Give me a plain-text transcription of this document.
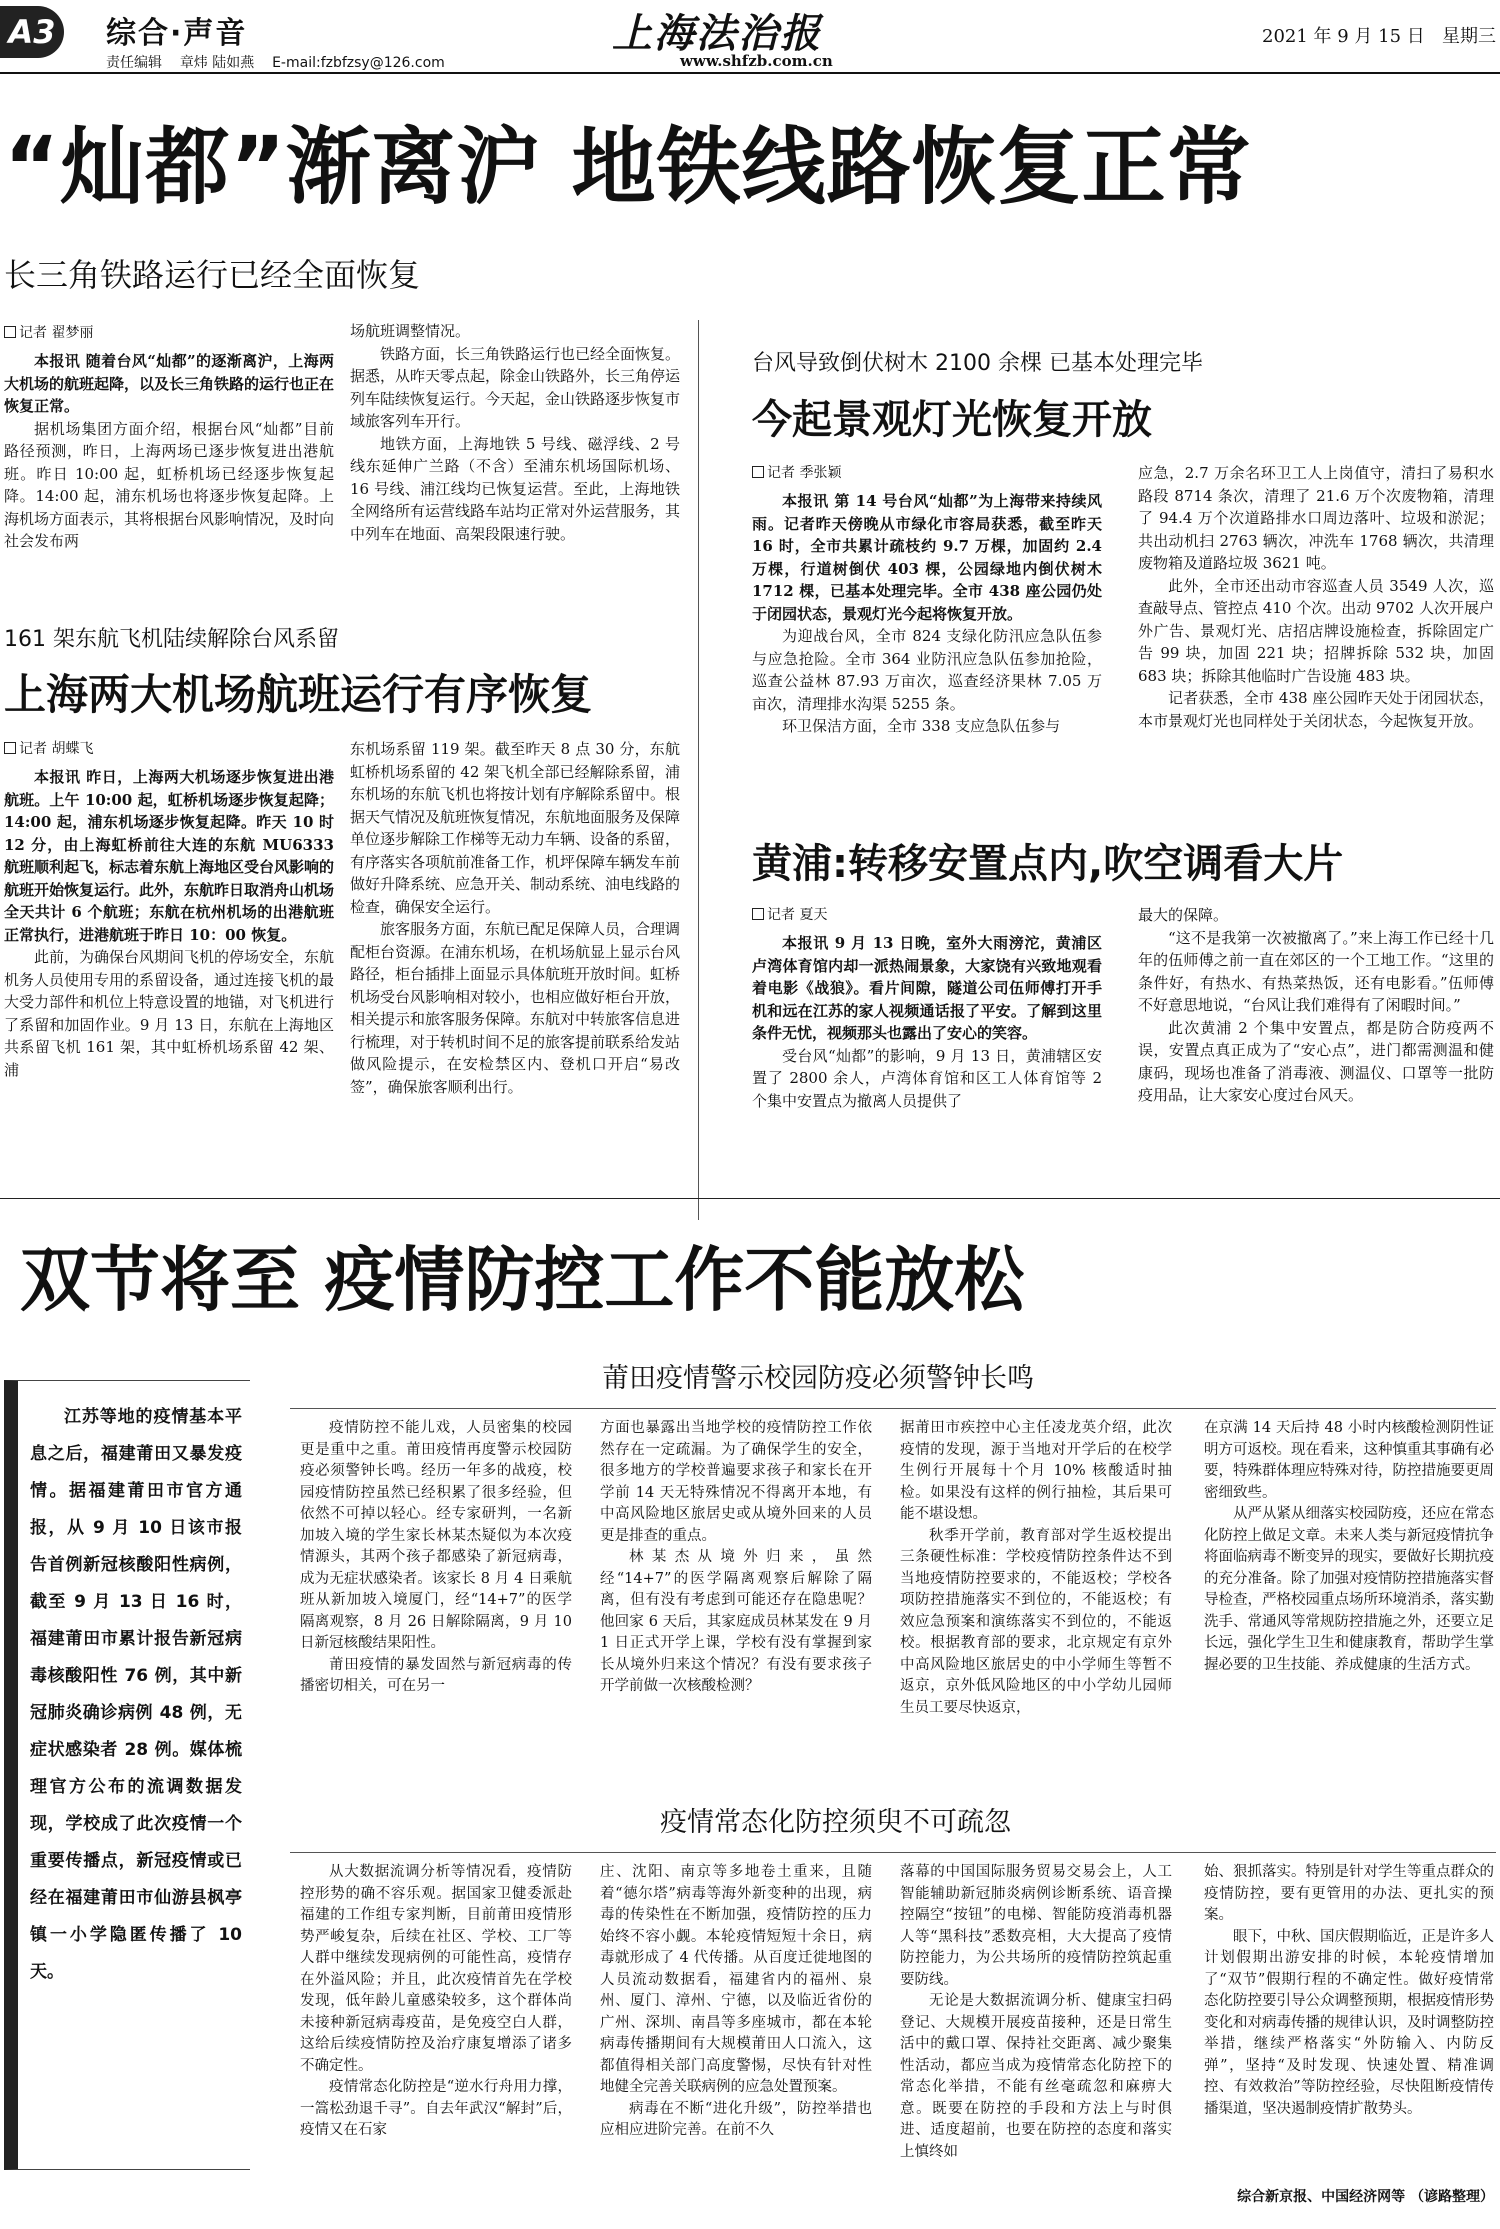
A3 综合·声音
责任编辑 章炜 陆如燕 E-mail:fzbfzsy@126.com
上海法治报
www.shfzb.com.cn
2021 年 9 月 15 日 星期三
“灿都”渐离沪 地铁线路恢复正常
长三角铁路运行已经全面恢复
记者 翟梦丽

本报讯 随着台风“灿都”的逐渐离沪，上海两大机场的航班起降，以及长三角铁路的运行也正在恢复正常。

据机场集团方面介绍，根据台风“灿都”目前路径预测，昨日，上海两场已逐步恢复进出港航班。昨日 10:00 起，虹桥机场已经逐步恢复起降。14:00 起，浦东机场也将逐步恢复起降。上海机场方面表示，其将根据台风影响情况，及时向社会发布两

场航班调整情况。

铁路方面，长三角铁路运行也已经全面恢复。据悉，从昨天零点起，除金山铁路外，长三角停运列车陆续恢复运行。今天起，金山铁路逐步恢复市域旅客列车开行。

地铁方面，上海地铁 5 号线、磁浮线、2 号线东延伸广兰路（不含）至浦东机场国际机场、16 号线、浦江线均已恢复运营。至此，上海地铁全网络所有运营线路车站均正常对外运营服务，其中列车在地面、高架段限速行驶。

161 架东航飞机陆续解除台风系留
上海两大机场航班运行有序恢复
记者 胡蝶飞

本报讯 昨日，上海两大机场逐步恢复进出港航班。上午 10:00 起，虹桥机场逐步恢复起降；14:00 起，浦东机场逐步恢复起降。昨天 10 时 12 分，由上海虹桥前往大连的东航 MU6333 航班顺利起飞，标志着东航上海地区受台风影响的航班开始恢复运行。此外，东航昨日取消舟山机场全天共计 6 个航班；东航在杭州机场的出港航班正常执行，进港航班于昨日 10：00 恢复。

此前，为确保台风期间飞机的停场安全，东航机务人员使用专用的系留设备，通过连接飞机的最大受力部件和机位上特意设置的地锚，对飞机进行了系留和加固作业。9 月 13 日，东航在上海地区共系留飞机 161 架，其中虹桥机场系留 42 架、浦

东机场系留 119 架。截至昨天 8 点 30 分，东航虹桥机场系留的 42 架飞机全部已经解除系留，浦东机场的东航飞机也将按计划有序解除系留中。根据天气情况及航班恢复情况，东航地面服务及保障单位逐步解除工作梯等无动力车辆、设备的系留，有序落实各项航前准备工作，机坪保障车辆发车前做好升降系统、应急开关、制动系统、油电线路的检查，确保安全运行。

旅客服务方面，东航已配足保障人员，合理调配柜台资源。在浦东机场，在机场航显上显示台风路径，柜台插排上面显示具体航班开放时间。虹桥机场受台风影响相对较小，也相应做好柜台开放，相关提示和旅客服务保障。东航对中转旅客信息进行梳理，对于转机时间不足的旅客提前联系给发站做风险提示，在安检禁区内、登机口开启“易改签”，确保旅客顺利出行。

台风导致倒伏树木 2100 余棵 已基本处理完毕
今起景观灯光恢复开放
记者 季张颖

本报讯 第 14 号台风“灿都”为上海带来持续风雨。记者昨天傍晚从市绿化市容局获悉，截至昨天 16 时，全市共累计疏枝约 9.7 万棵，加固约 2.4 万棵，行道树倒伏 403 棵，公园绿地内倒伏树木 1712 棵，已基本处理完毕。全市 438 座公园仍处于闭园状态，景观灯光今起将恢复开放。

为迎战台风，全市 824 支绿化防汛应急队伍参与应急抢险。全市 364 业防汛应急队伍参加抢险，巡查公益林 87.93 万亩次，巡查经济果林 7.05 万亩次，清理排水沟渠 5255 条。

环卫保洁方面，全市 338 支应急队伍参与

应急，2.7 万余名环卫工人上岗值守，清扫了易积水路段 8714 条次，清理了 21.6 万个次废物箱，清理了 94.4 万个次道路排水口周边落叶、垃圾和淤泥；共出动机扫 2763 辆次，冲洗车 1768 辆次，共清理废物箱及道路垃圾 3621 吨。

此外，全市还出动市容巡查人员 3549 人次，巡查敲导点、管控点 410 个次。出动 9702 人次开展户外广告、景观灯光、店招店牌设施检查，拆除固定广告 99 块，加固 221 块；招牌拆除 532 块，加固 683 块；拆除其他临时广告设施 483 块。

记者获悉，全市 438 座公园昨天处于闭园状态，本市景观灯光也同样处于关闭状态，今起恢复开放。

黄浦:转移安置点内,吹空调看大片
记者 夏天

本报讯 9 月 13 日晚，室外大雨滂沱，黄浦区卢湾体育馆内却一派热闹景象，大家饶有兴致地观看着电影《战狼》。看片间隙，隧道公司伍师傅打开手机和远在江苏的家人视频通话报了平安。了解到这里条件无忧，视频那头也露出了安心的笑容。

受台风“灿都”的影响，9 月 13 日，黄浦辖区安置了 2800 余人，卢湾体育馆和区工人体育馆等 2 个集中安置点为撤离人员提供了

最大的保障。

“这不是我第一次被撤离了。”来上海工作已经十几年的伍师傅之前一直在郊区的一个工地工作。“这里的条件好，有热水、有热菜热饭，还有电影看。”伍师傅不好意思地说，“台风让我们难得有了闲暇时间。”

此次黄浦 2 个集中安置点，都是防合防疫两不误，安置点真正成为了“安心点”，进门都需测温和健康码，现场也准备了消毒液、测温仪、口罩等一批防疫用品，让大家安心度过台风天。

双节将至 疫情防控工作不能放松
江苏等地的疫情基本平息之后，福建莆田又暴发疫情。据福建莆田市官方通报，从 9 月 10 日该市报告首例新冠核酸阳性病例，截至 9 月 13 日 16 时，福建莆田市累计报告新冠病毒核酸阳性 76 例，其中新冠肺炎确诊病例 48 例，无症状感染者 28 例。媒体梳理官方公布的流调数据发现，学校成了此次疫情一个重要传播点，新冠疫情或已经在福建莆田市仙游县枫亭镇一小学隐匿传播了 10 天。
莆田疫情警示校园防疫必须警钟长鸣

疫情防控不能儿戏，人员密集的校园更是重中之重。莆田疫情再度警示校园防疫必须警钟长鸣。经历一年多的战疫，校园疫情防控虽然已经积累了很多经验，但依然不可掉以轻心。经专家研判，一名新加坡入境的学生家长林某杰疑似为本次疫情源头，其两个孩子都感染了新冠病毒，成为无症状感染者。该家长 8 月 4 日乘航班从新加坡入境厦门，经“14+7”的医学隔离观察，8 月 26 日解除隔离，9 月 10 日新冠核酸结果阳性。

莆田疫情的暴发固然与新冠病毒的传播密切相关，可在另一

方面也暴露出当地学校的疫情防控工作依然存在一定疏漏。为了确保学生的安全，很多地方的学校普遍要求孩子和家长在开学前 14 天无特殊情况不得离开本地，有中高风险地区旅居史或从境外回来的人员更是排查的重点。

林某杰从境外归来，虽然经“14+7”的医学隔离观察后解除了隔离，但有没有考虑到可能还存在隐患呢？他回家 6 天后，其家庭成员林某发在 9 月 1 日正式开学上课，学校有没有掌握到家长从境外归来这个情况？有没有要求孩子开学前做一次核酸检测？

据莆田市疾控中心主任凌龙英介绍，此次疫情的发现，源于当地对开学后的在校学生例行开展每十个月 10% 核酸适时抽检。如果没有这样的例行抽检，其后果可能不堪设想。

秋季开学前，教育部对学生返校提出三条硬性标准：学校疫情防控条件达不到当地疫情防控要求的，不能返校；学校各项防控措施落实不到位的，不能返校；有效应急预案和演练落实不到位的，不能返校。根据教育部的要求，北京规定有京外中高风险地区旅居史的中小学师生等暂不返京，京外低风险地区的中小学幼儿园师生员工要尽快返京，

在京满 14 天后持 48 小时内核酸检测阴性证明方可返校。现在看来，这种慎重其事确有必要，特殊群体理应特殊对待，防控措施要更周密细致些。

从严从紧从细落实校园防疫，还应在常态化防控上做足文章。未来人类与新冠疫情抗争将面临病毒不断变异的现实，要做好长期抗疫的充分准备。除了加强对疫情防控措施落实督导检查，严格校园重点场所环境消杀，落实勤洗手、常通风等常规防控措施之外，还要立足长远，强化学生卫生和健康教育，帮助学生掌握必要的卫生技能、养成健康的生活方式。

疫情常态化防控须臾不可疏忽

从大数据流调分析等情况看，疫情防控形势的确不容乐观。据国家卫健委派赴福建的工作组专家判断，目前莆田疫情形势严峻复杂，后续在社区、学校、工厂等人群中继续发现病例的可能性高，疫情存在外溢风险；并且，此次疫情首先在学校发现，低年龄儿童感染较多，这个群体尚未接种新冠病毒疫苗，是免疫空白人群，这给后续疫情防控及治疗康复增添了诸多不确定性。

疫情常态化防控是“逆水行舟用力撑，一篙松劲退千寻”。自去年武汉“解封”后，疫情又在石家

庄、沈阳、南京等多地卷土重来，且随着“德尔塔”病毒等海外新变种的出现，病毒的传染性在不断加强，疫情防控的压力始终不容小觑。本轮疫情短短十余日，病毒就形成了 4 代传播。从百度迁徙地图的人员流动数据看，福建省内的福州、泉州、厦门、漳州、宁德，以及临近省份的广州、深圳、南昌等多座城市，都在本轮病毒传播期间有大规模莆田人口流入，这都值得相关部门高度警惕，尽快有针对性地健全完善关联病例的应急处置预案。

病毒在不断“进化升级”，防控举措也应相应进阶完善。在前不久

落幕的中国国际服务贸易交易会上，人工智能辅助新冠肺炎病例诊断系统、语音操控隔空“按钮”的电梯、智能防疫消毒机器人等“黑科技”悉数亮相，大大提高了疫情防控能力，为公共场所的疫情防控筑起重要防线。

无论是大数据流调分析、健康宝扫码登记、大规模开展疫苗接种，还是日常生活中的戴口罩、保持社交距离、减少聚集性活动，都应当成为疫情常态化防控下的常态化举措，不能有丝毫疏忽和麻痹大意。既要在防控的手段和方法上与时俱进、适度超前，也要在防控的态度和落实上慎终如

始、狠抓落实。特别是针对学生等重点群众的疫情防控，要有更管用的办法、更扎实的预案。

眼下，中秋、国庆假期临近，正是许多人计划假期出游安排的时候，本轮疫情增加了“双节”假期行程的不确定性。做好疫情常态化防控要引导公众调整预期，根据疫情形势变化和对病毒传播的规律认识，及时调整防控举措，继续严格落实“外防输入、内防反弹”，坚持“及时发现、快速处置、精准调控、有效救治”等防控经验，尽快阻断疫情传播渠道，坚决遏制疫情扩散势头。

综合新京报、中国经济网等 （谚路整理）
